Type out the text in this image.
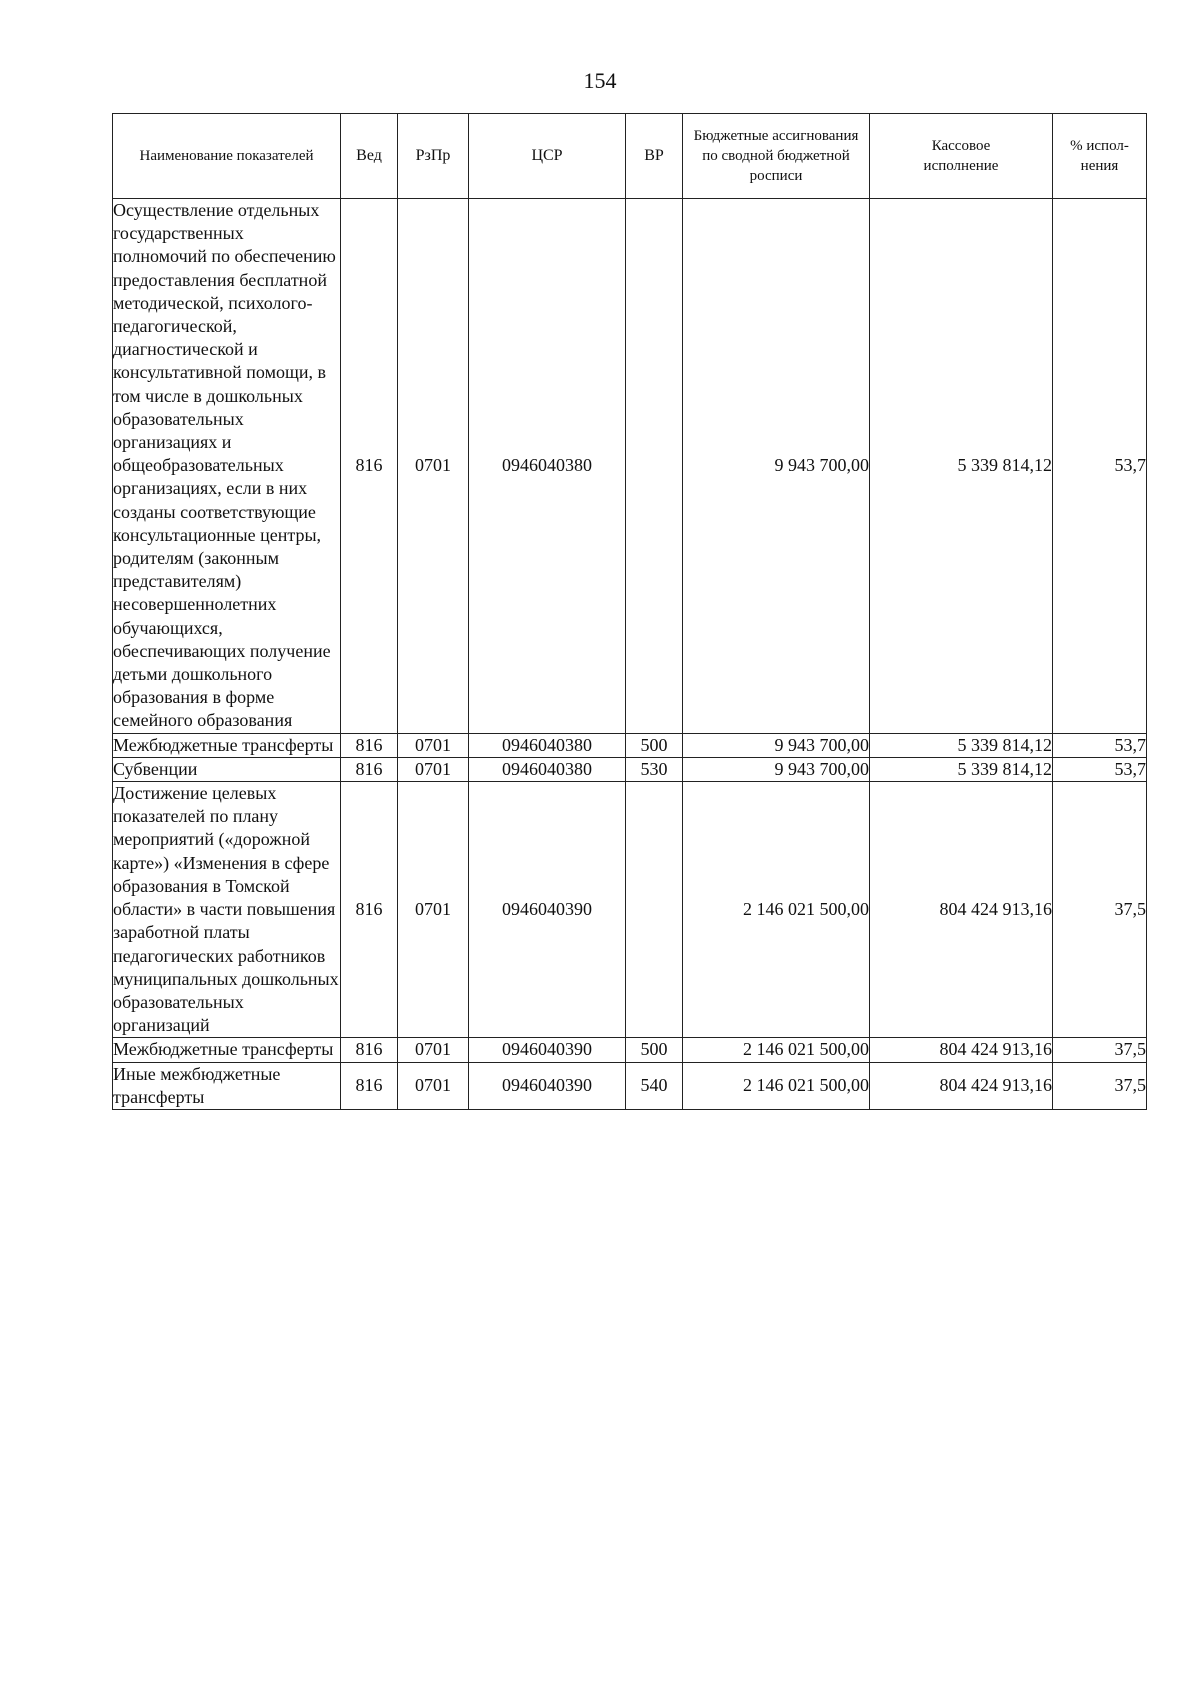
154
Наименование показателей	Вед	РзПр	ЦСР	ВР	Бюджетные ассигнования по сводной бюджетной росписи	Кассовое исполнение	% испол-нения
Осуществление отдельных государственных полномочий по обеспечению предоставления бесплатной методической, психолого-педагогической, диагностической и консультативной помощи, в том числе в дошкольных образовательных организациях и общеобразовательных организациях, если в них созданы соответствующие консультационные центры, родителям (законным представителям) несовершеннолетних обучающихся, обеспечивающих получение детьми дошкольного образования в форме семейного образования	816	0701	0946040380		9 943 700,00	5 339 814,12	53,7
Межбюджетные трансферты	816	0701	0946040380	500	9 943 700,00	5 339 814,12	53,7
Субвенции	816	0701	0946040380	530	9 943 700,00	5 339 814,12	53,7
Достижение целевых показателей по плану мероприятий («дорожной карте») «Изменения в сфере образования в Томской области» в части повышения заработной платы педагогических работников муниципальных дошкольных образовательных организаций	816	0701	0946040390		2 146 021 500,00	804 424 913,16	37,5
Межбюджетные трансферты	816	0701	0946040390	500	2 146 021 500,00	804 424 913,16	37,5
Иные межбюджетные трансферты	816	0701	0946040390	540	2 146 021 500,00	804 424 913,16	37,5
